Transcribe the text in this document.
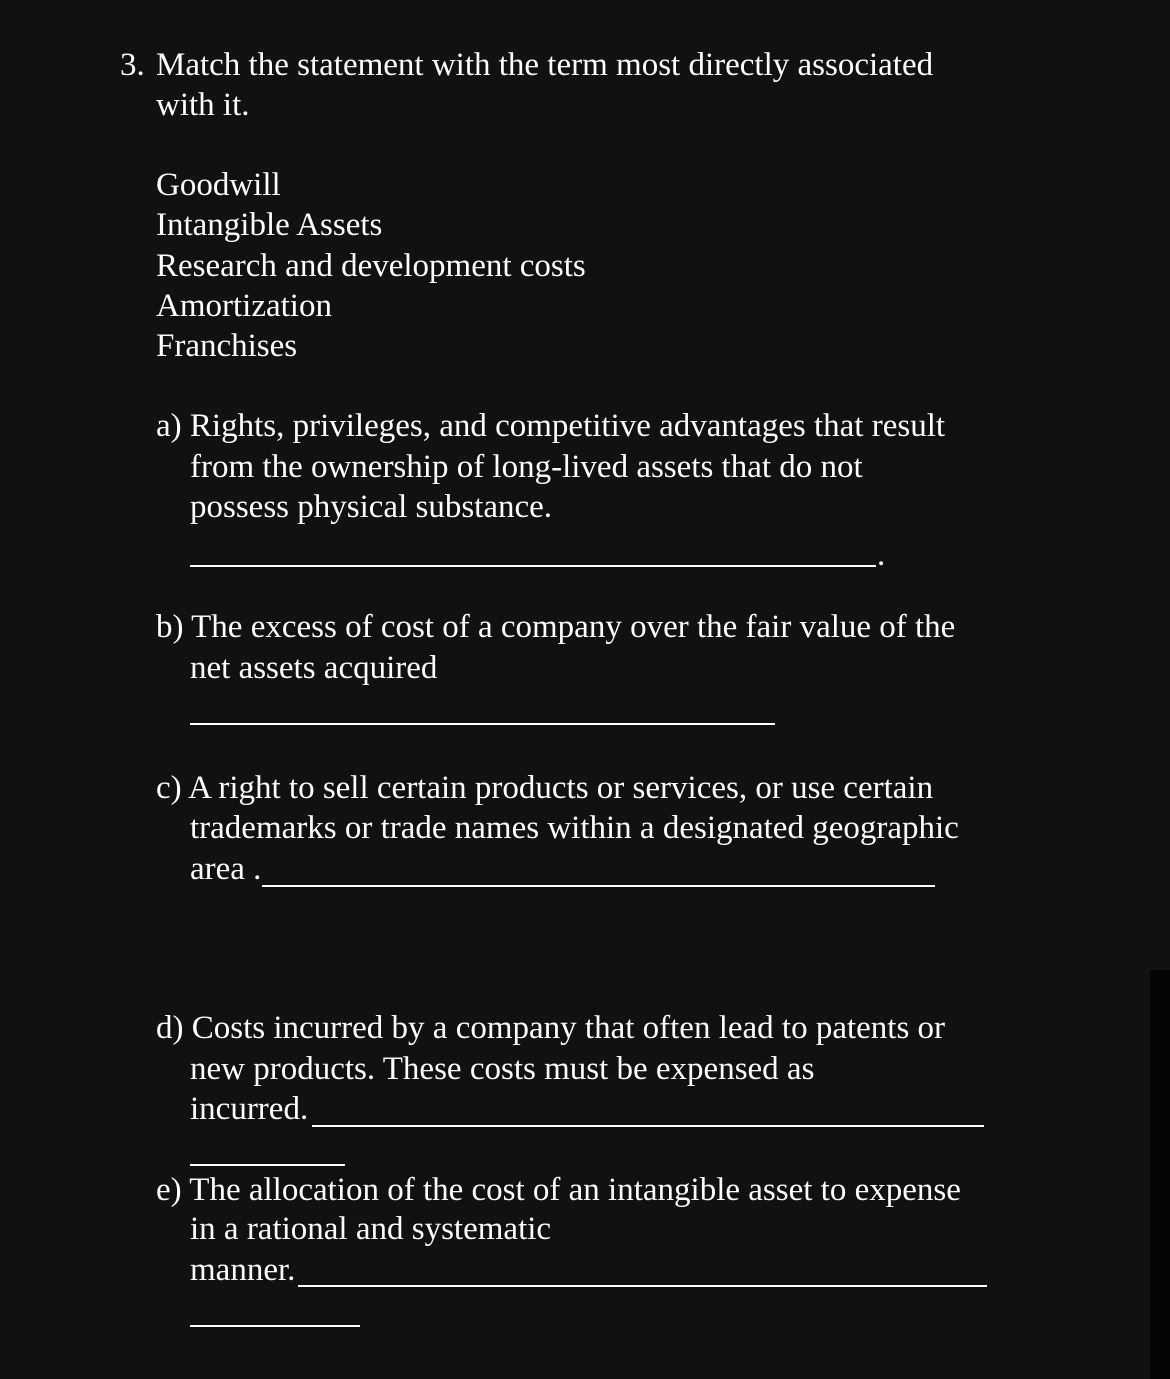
3. Match the statement with the term most directly associated
with it.
Goodwill
Intangible Assets
Research and development costs
Amortization
Franchises
a) Rights, privileges, and competitive advantages that result
from the ownership of long-lived assets that do not
possess physical substance.
.
b) The excess of cost of a company over the fair value of the
net assets acquired
c) A right to sell certain products or services, or use certain
trademarks or trade names within a designated geographic
area .
d) Costs incurred by a company that often lead to patents or
new products. These costs must be expensed as
incurred.
e) The allocation of the cost of an intangible asset to expense
in a rational and systematic
manner.
